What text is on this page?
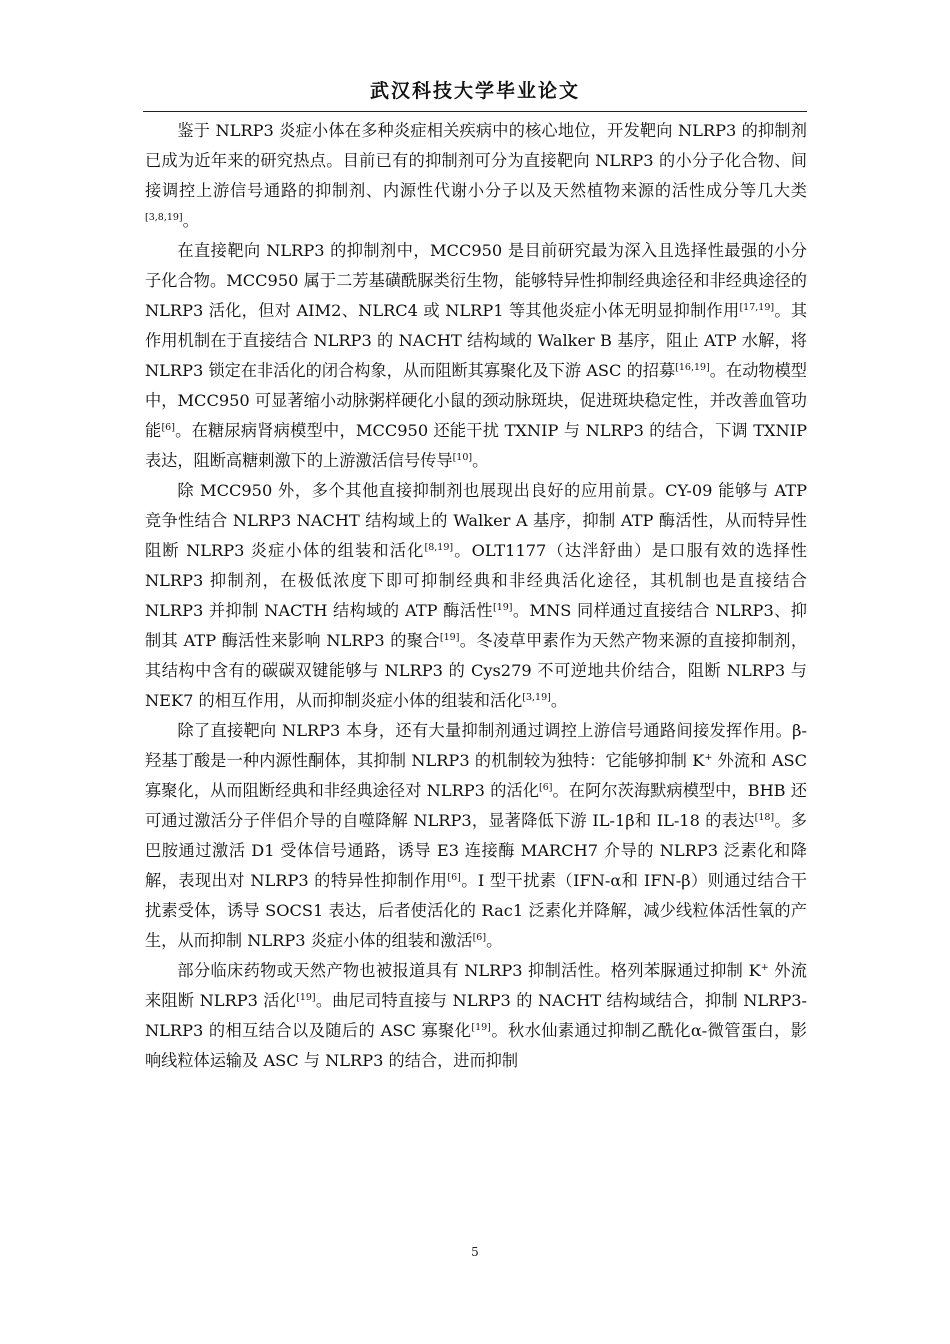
武汉科技大学毕业论文

鉴于 NLRP3 炎症小体在多种炎症相关疾病中的核心地位，开发靶向 NLRP3 的抑制剂已成为近年来的研究热点。目前已有的抑制剂可分为直接靶向 NLRP3 的小分子化合物、间接调控上游信号通路的抑制剂、内源性代谢小分子以及天然植物来源的活性成分等几大类[3,8,19]。

在直接靶向 NLRP3 的抑制剂中，MCC950 是目前研究最为深入且选择性最强的小分子化合物。MCC950 属于二芳基磺酰脲类衍生物，能够特异性抑制经典途径和非经典途径的 NLRP3 活化，但对 AIM2、NLRC4 或 NLRP1 等其他炎症小体无明显抑制作用[17,19]。其作用机制在于直接结合 NLRP3 的 NACHT 结构域的 Walker B 基序，阻止 ATP 水解，将 NLRP3 锁定在非活化的闭合构象，从而阻断其寡聚化及下游 ASC 的招募[16,19]。在动物模型中，MCC950 可显著缩小动脉粥样硬化小鼠的颈动脉斑块，促进斑块稳定性，并改善血管功能[6]。在糖尿病肾病模型中，MCC950 还能干扰 TXNIP 与 NLRP3 的结合，下调 TXNIP 表达，阻断高糖刺激下的上游激活信号传导[10]。

除 MCC950 外，多个其他直接抑制剂也展现出良好的应用前景。CY-09 能够与 ATP 竞争性结合 NLRP3 NACHT 结构域上的 Walker A 基序，抑制 ATP 酶活性，从而特异性阻断 NLRP3 炎症小体的组装和活化[8,19]。OLT1177（达泮舒曲）是口服有效的选择性 NLRP3 抑制剂，在极低浓度下即可抑制经典和非经典活化途径，其机制也是直接结合 NLRP3 并抑制 NACTH 结构域的 ATP 酶活性[19]。MNS 同样通过直接结合 NLRP3、抑制其 ATP 酶活性来影响 NLRP3 的聚合[19]。冬凌草甲素作为天然产物来源的直接抑制剂，其结构中含有的碳碳双键能够与 NLRP3 的 Cys279 不可逆地共价结合，阻断 NLRP3 与 NEK7 的相互作用，从而抑制炎症小体的组装和活化[3,19]。

除了直接靶向 NLRP3 本身，还有大量抑制剂通过调控上游信号通路间接发挥作用。β-羟基丁酸是一种内源性酮体，其抑制 NLRP3 的机制较为独特：它能够抑制 K+ 外流和 ASC 寡聚化，从而阻断经典和非经典途径对 NLRP3 的活化[6]。在阿尔茨海默病模型中，BHB 还可通过激活分子伴侣介导的自噬降解 NLRP3，显著降低下游 IL-1β和 IL-18 的表达[18]。多巴胺通过激活 D1 受体信号通路，诱导 E3 连接酶 MARCH7 介导的 NLRP3 泛素化和降解，表现出对 NLRP3 的特异性抑制作用[6]。I 型干扰素（IFN-α和 IFN-β）则通过结合干扰素受体，诱导 SOCS1 表达，后者使活化的 Rac1 泛素化并降解，减少线粒体活性氧的产生，从而抑制 NLRP3 炎症小体的组装和激活[6]。

部分临床药物或天然产物也被报道具有 NLRP3 抑制活性。格列苯脲通过抑制 K+ 外流来阻断 NLRP3 活化[19]。曲尼司特直接与 NLRP3 的 NACHT 结构域结合，抑制 NLRP3-NLRP3 的相互结合以及随后的 ASC 寡聚化[19]。秋水仙素通过抑制乙酰化α-微管蛋白，影响线粒体运输及 ASC 与 NLRP3 的结合，进而抑制

5
